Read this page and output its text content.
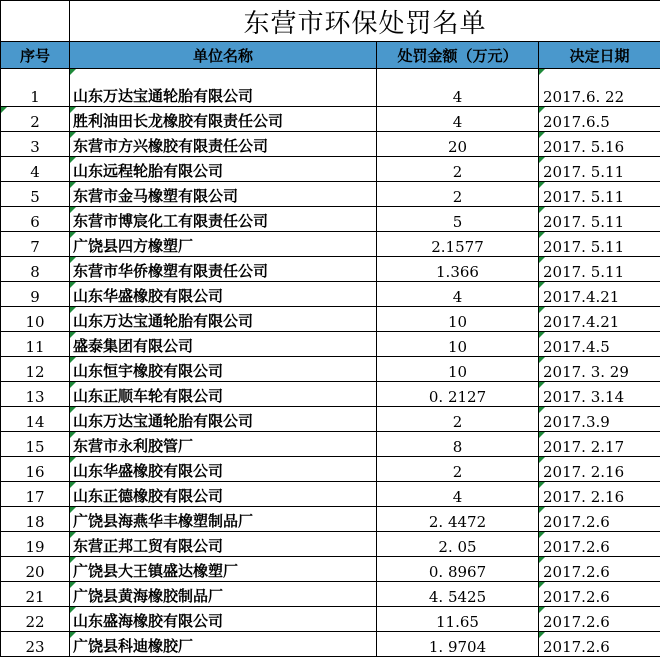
	东营市环保处罚名单		
序号	单位名称	处罚金额（万元）	决定日期
1	山东万达宝通轮胎有限公司	4	2017.6. 22

2	胜利油田长龙橡胶有限责任公司	4	2017.6.5
3	东营市方兴橡胶有限责任公司	20	2017. 5.16
4	山东远程轮胎有限公司	2	2017. 5.11
5	东营市金马橡塑有限公司	2	2017. 5.11
6	东营市博宸化工有限责任公司	5	2017. 5.11
7	广饶县四方橡塑厂	2.1577	2017. 5.11
8	东营市华侨橡塑有限责任公司	1.366	2017. 5.11
9	山东华盛橡胶有限公司	4	2017.4.21
10	山东万达宝通轮胎有限公司	10	2017.4.21
11	盛泰集团有限公司	10	2017.4.5
12	山东恒宇橡胶有限公司	10	2017. 3. 29
13	山东正顺车轮有限公司	0. 2127	2017. 3.14
14	山东万达宝通轮胎有限公司	2	2017.3.9
15	东营市永利胶管厂	8	2017. 2.17
16	山东华盛橡胶有限公司	2	2017. 2.16
17	山东正德橡胶有限公司	4	2017. 2.16
18	广饶县海燕华丰橡塑制品厂	2. 4472	2017.2.6
19	东营正邦工贸有限公司	2. 05	2017.2.6
20	广饶县大王镇盛达橡塑厂	0. 8967	2017.2.6
21	广饶县黄海橡胶制品厂	4. 5425	2017.2.6
22	山东盛海橡胶有限公司	11.65	2017.2.6
23	广饶县科迪橡胶厂	1. 9704	2017.2.6
